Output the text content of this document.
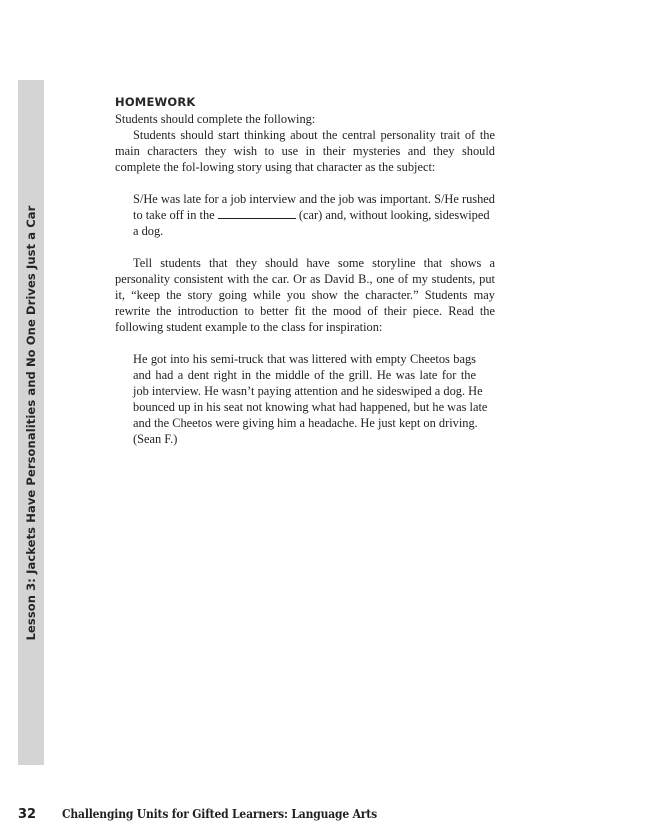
Lesson 3: Jackets Have Personalities and No One Drives Just a Car
HOMEWORK

Students should complete the following:

Students should start thinking about the central personality trait of the main characters they wish to use in their mysteries and they should complete the fol-lowing story using that character as the subject:

S/He was late for a job interview and the job was important. S/He rushed
to take off in the	(car) and, without looking, sideswiped
a dog.

Tell students that they should have some storyline that shows a personality consistent with the car. Or as David B., one of my students, put it, “keep the story going while you show the character.” Students may rewrite the introduction to better fit the mood of their piece. Read the following student example to the class for inspiration:

He got into his semi-truck that was littered with empty Cheetos bags
and had a dent right in the middle of the grill. He was late for the
job interview. He wasn’t paying attention and he sideswiped a dog. He
bounced up in his seat not knowing what had happened, but he was late
and the Cheetos were giving him a headache. He just kept on driving.
(Sean F.)
32 Challenging Units for Gifted Learners: Language Arts
